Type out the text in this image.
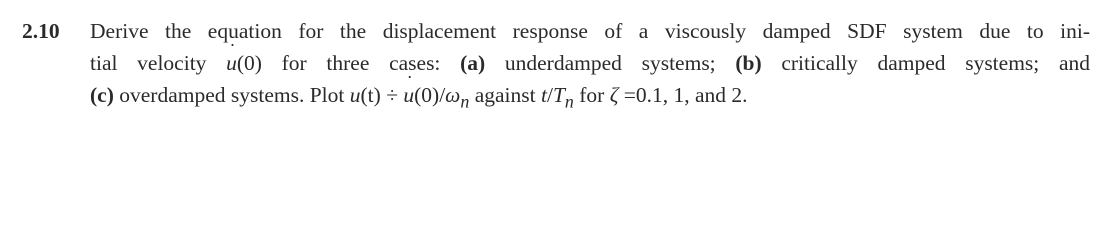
2.10 Derive the equation for the displacement response of a viscously damped SDF system due to ini-
tial velocity ˙ u(0) for three cases: (a) underdamped systems; (b) critically damped systems; and
(c) overdamped systems. Plot u(t) ÷ ˙ $u(0)/\omega_n$ against $t/T_n$ for ζ =0.1, 1, and 2.
